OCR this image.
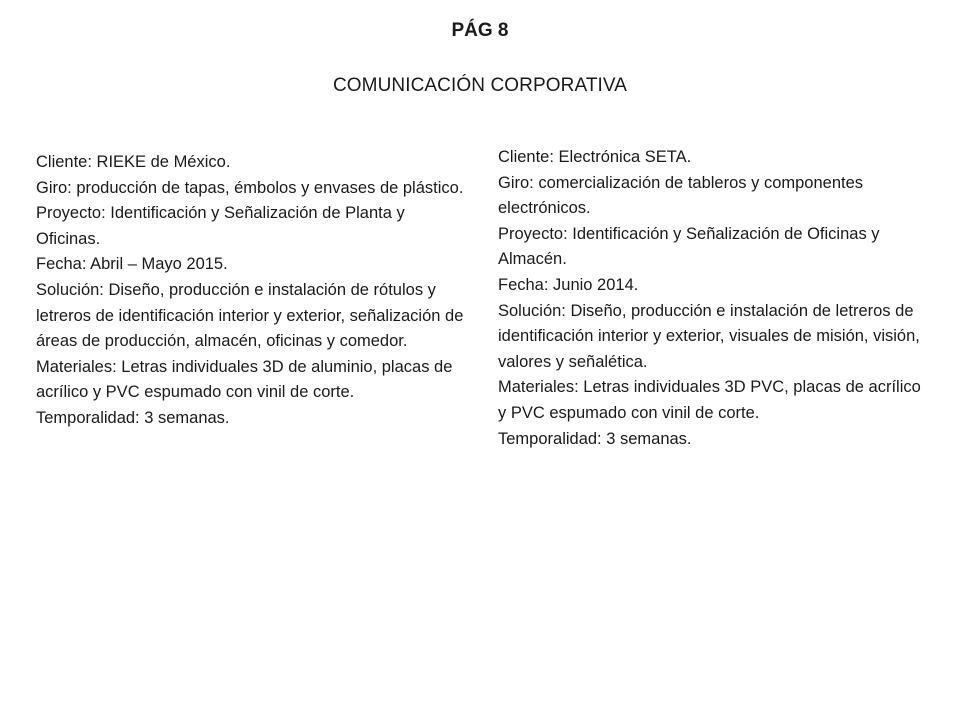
PÁG 8
COMUNICACIÓN CORPORATIVA

Cliente: RIEKE de México.

Giro: producción de tapas, émbolos y envases de plástico.

Proyecto: Identificación y Señalización de Planta y Oficinas.

Fecha: Abril – Mayo 2015.

Solución: Diseño, producción e instalación de rótulos y letreros de identificación interior y exterior, señalización de áreas de producción, almacén, oficinas y comedor.

Materiales: Letras individuales 3D de aluminio, placas de acrílico y PVC espumado con vinil de corte.

Temporalidad: 3 semanas.

Cliente: Electrónica SETA.

Giro: comercialización de tableros y componentes electrónicos.

Proyecto: Identificación y Señalización de Oficinas y Almacén.

Fecha: Junio 2014.

Solución: Diseño, producción e instalación de letreros de identificación interior y exterior, visuales de misión, visión, valores y señalética.

Materiales: Letras individuales 3D PVC, placas de acrílico y PVC espumado con vinil de corte.

Temporalidad: 3 semanas.
